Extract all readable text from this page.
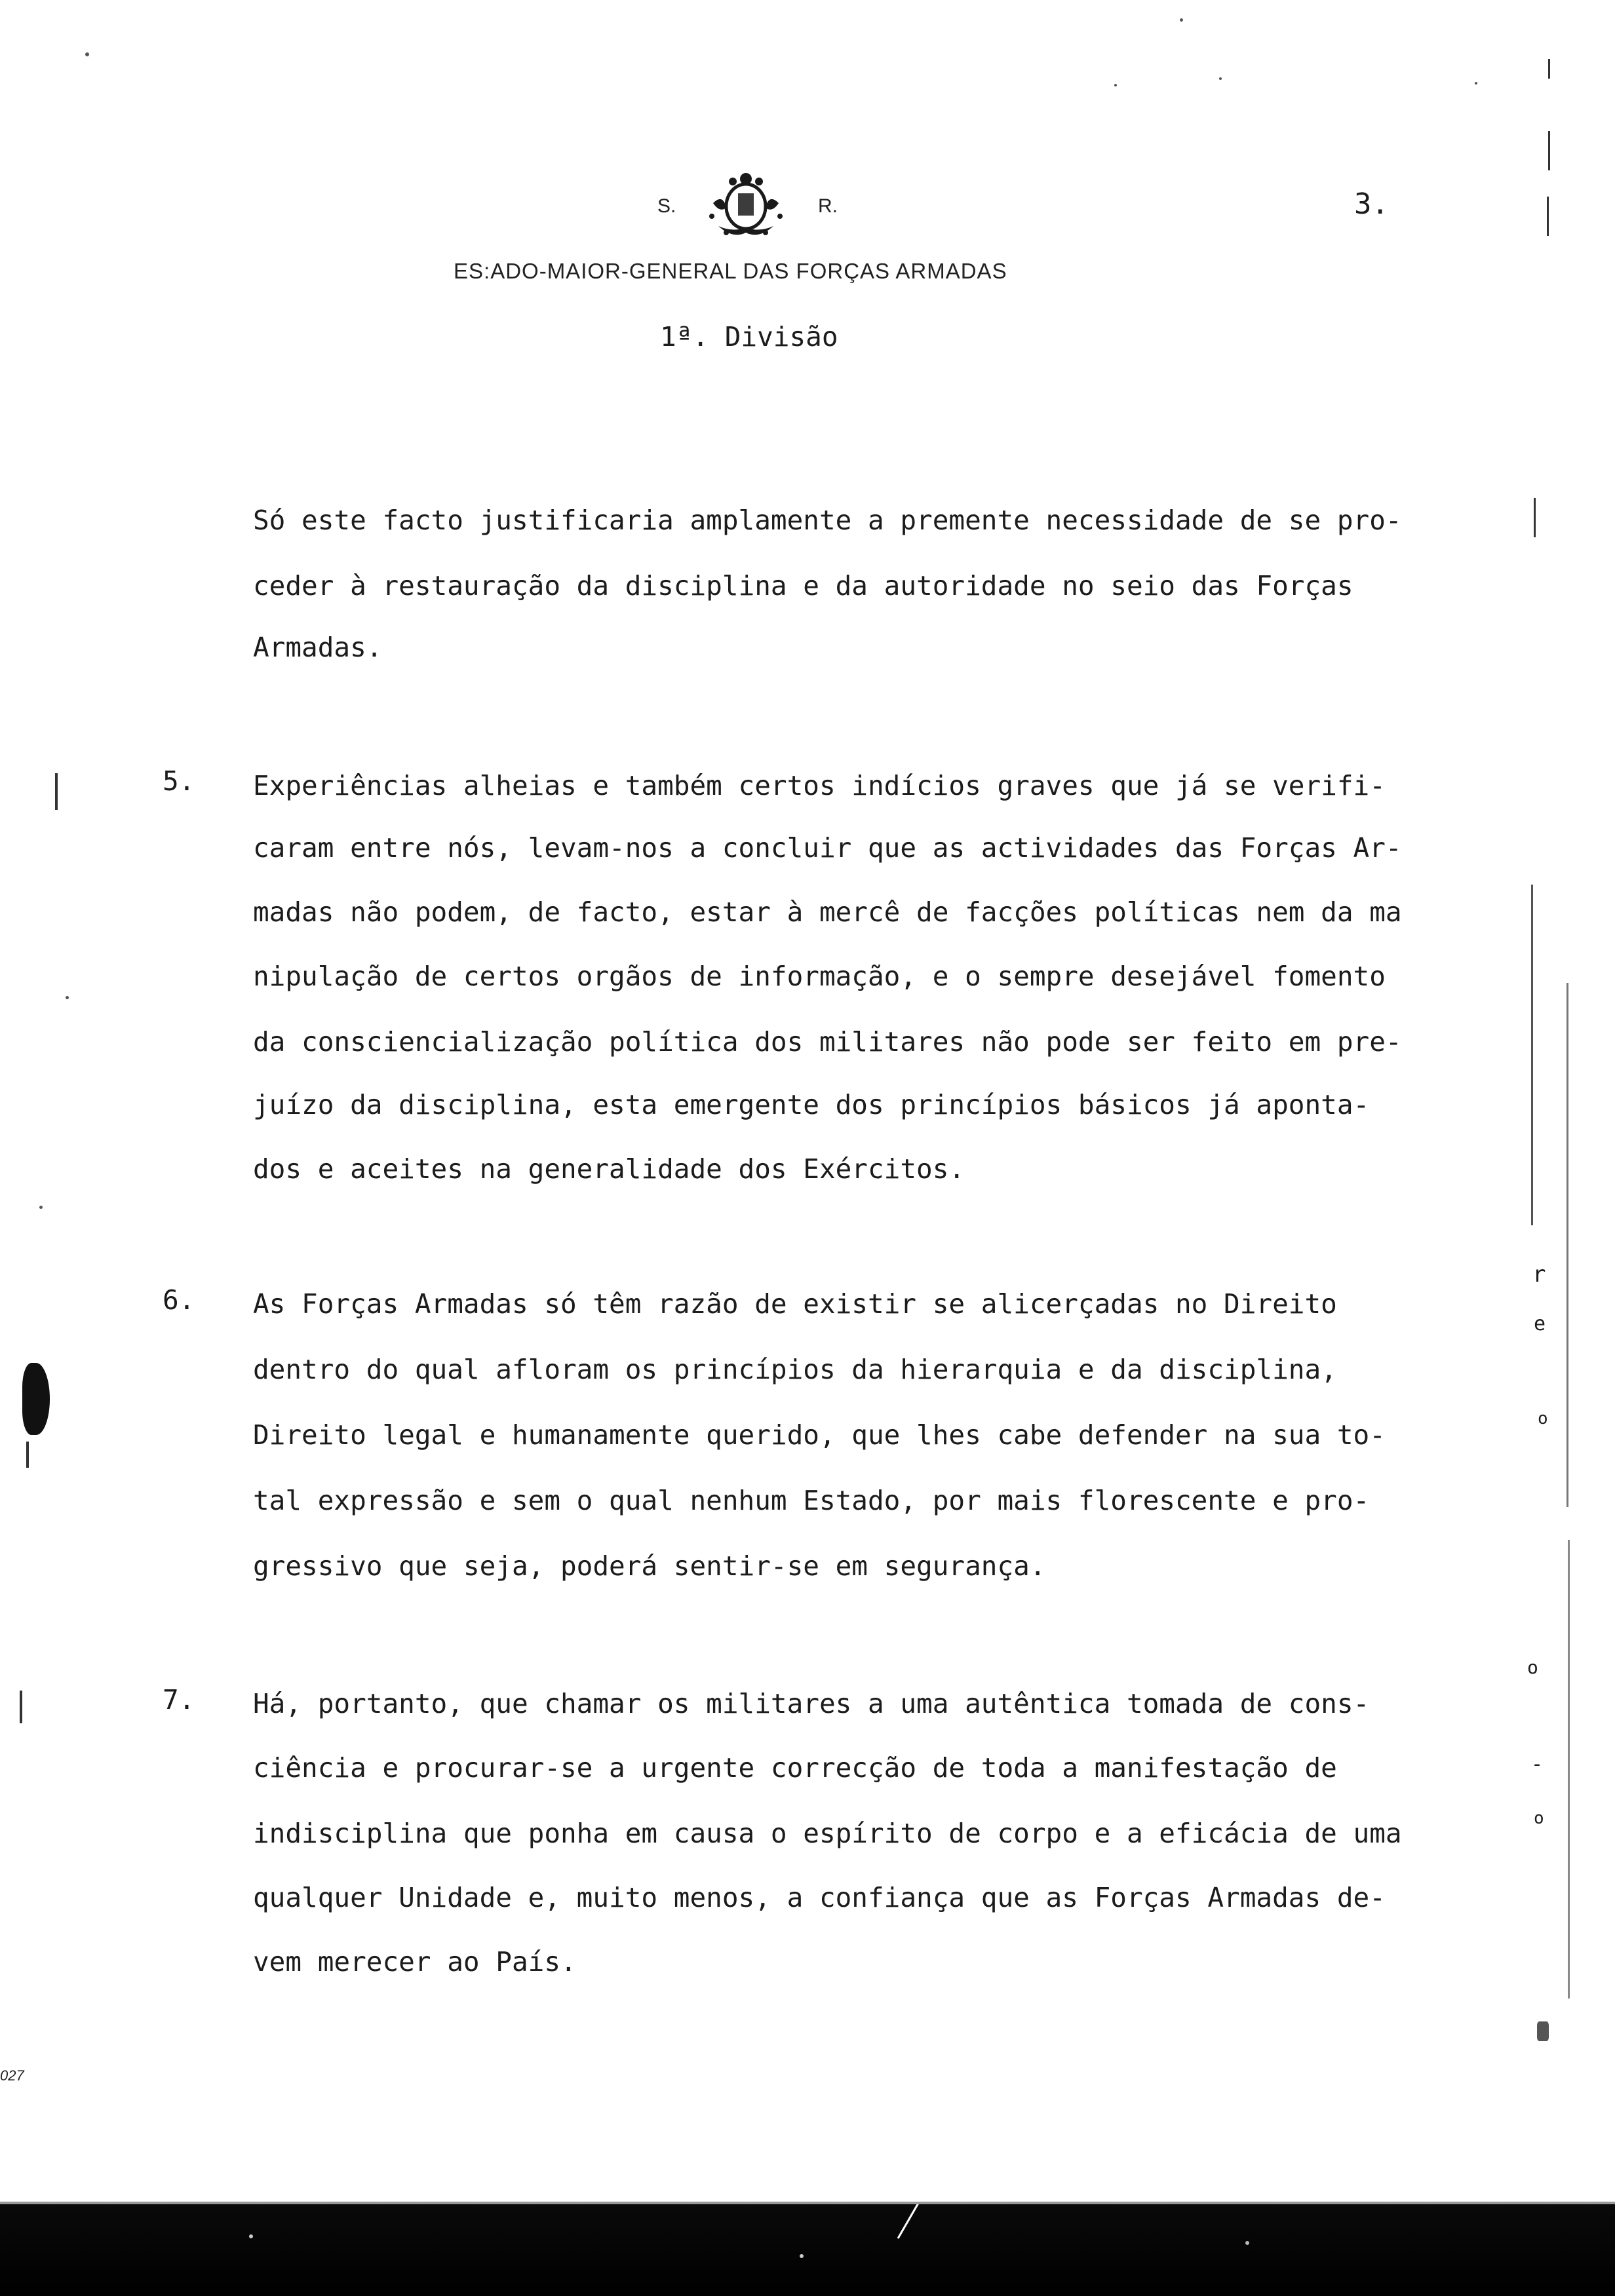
S.	R.	3.
ES:ADO-MAIOR-GENERAL DAS FORÇAS ARMADAS
1ª. Divisão
Só este facto justificaria amplamente a premente necessidade de se pro-
ceder à restauração da disciplina e da autoridade no seio das Forças
Armadas.
5. Experiências alheias e também certos indícios graves que já se verifi-
caram entre nós, levam-nos a concluir que as actividades das Forças Ar-
madas não podem, de facto, estar à mercê de facções políticas nem da ma
nipulação de certos orgãos de informação, e o sempre desejável fomento
da consciencialização política dos militares não pode ser feito em pre-
juízo da disciplina, esta emergente dos princípios básicos já aponta-
dos e aceites na generalidade dos Exércitos.
6. As Forças Armadas só têm razão de existir se alicerçadas no Direito
dentro do qual afloram os princípios da hierarquia e da disciplina,
Direito legal e humanamente querido, que lhes cabe defender na sua to-
tal expressão e sem o qual nenhum Estado, por mais florescente e pro-
gressivo que seja, poderá sentir-se em segurança.
7. Há, portanto, que chamar os militares a uma autêntica tomada de cons-
ciência e procurar-se a urgente correcção de toda a manifestação de
indisciplina que ponha em causa o espírito de corpo e a eficácia de uma
qualquer Unidade e, muito menos, a confiança que as Forças Armadas de-
vem merecer ao País.
027
r
e
o
o
-
o
